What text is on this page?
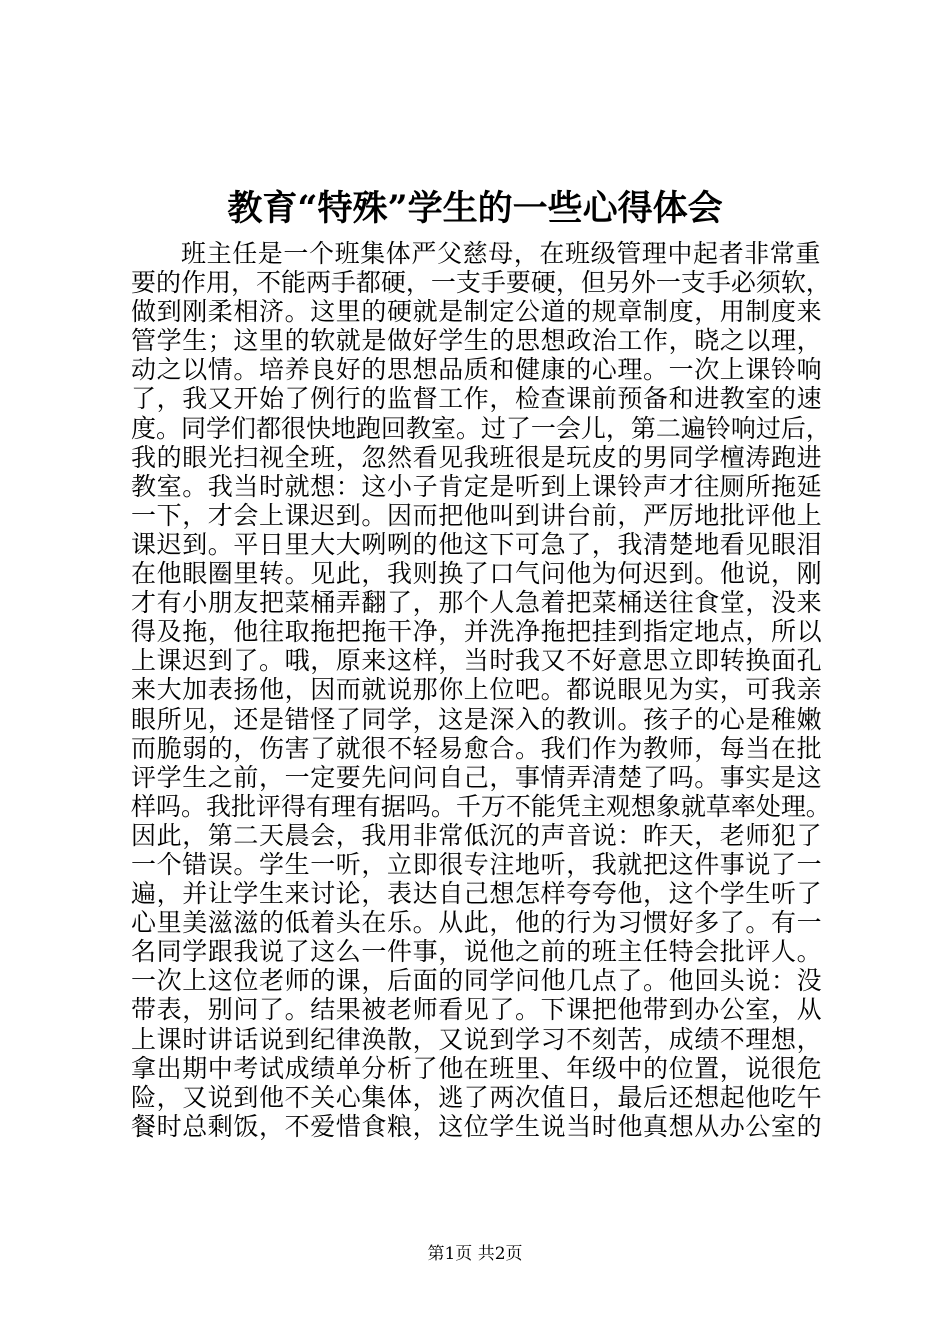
教育“特殊”学生的一些心得体会
班主任是一个班集体严父慈母，在班级管理中起者非常重
要的作用，不能两手都硬，一支手要硬，但另外一支手必须软，
做到刚柔相济。这里的硬就是制定公道的规章制度，用制度来
管学生；这里的软就是做好学生的思想政治工作，晓之以理，
动之以情。培养良好的思想品质和健康的心理。一次上课铃响
了，我又开始了例行的监督工作，检查课前预备和进教室的速
度。同学们都很快地跑回教室。过了一会儿，第二遍铃响过后，
我的眼光扫视全班，忽然看见我班很是玩皮的男同学檀涛跑进
教室。我当时就想：这小子肯定是听到上课铃声才往厕所拖延
一下，才会上课迟到。因而把他叫到讲台前，严厉地批评他上
课迟到。平日里大大咧咧的他这下可急了，我清楚地看见眼泪
在他眼圈里转。见此，我则换了口气问他为何迟到。他说，刚
才有小朋友把菜桶弄翻了，那个人急着把菜桶送往食堂，没来
得及拖，他往取拖把拖干净，并洗净拖把挂到指定地点，所以
上课迟到了。哦，原来这样，当时我又不好意思立即转换面孔
来大加表扬他，因而就说那你上位吧。都说眼见为实，可我亲
眼所见，还是错怪了同学，这是深入的教训。孩子的心是稚嫩
而脆弱的，伤害了就很不轻易愈合。我们作为教师，每当在批
评学生之前，一定要先问问自己，事情弄清楚了吗。事实是这
样吗。我批评得有理有据吗。千万不能凭主观想象就草率处理。
因此，第二天晨会，我用非常低沉的声音说：昨天，老师犯了
一个错误。学生一听，立即很专注地听，我就把这件事说了一
遍，并让学生来讨论，表达自己想怎样夸夸他，这个学生听了
心里美滋滋的低着头在乐。从此，他的行为习惯好多了。有一
名同学跟我说了这么一件事，说他之前的班主任特会批评人。
一次上这位老师的课，后面的同学问他几点了。他回头说：没
带表，别问了。结果被老师看见了。下课把他带到办公室，从
上课时讲话说到纪律涣散，又说到学习不刻苦，成绩不理想，
拿出期中考试成绩单分析了他在班里、年级中的位置，说很危
险，又说到他不关心集体，逃了两次值日，最后还想起他吃午
餐时总剩饭，不爱惜食粮，这位学生说当时他真想从办公室的
第1页 共2页
